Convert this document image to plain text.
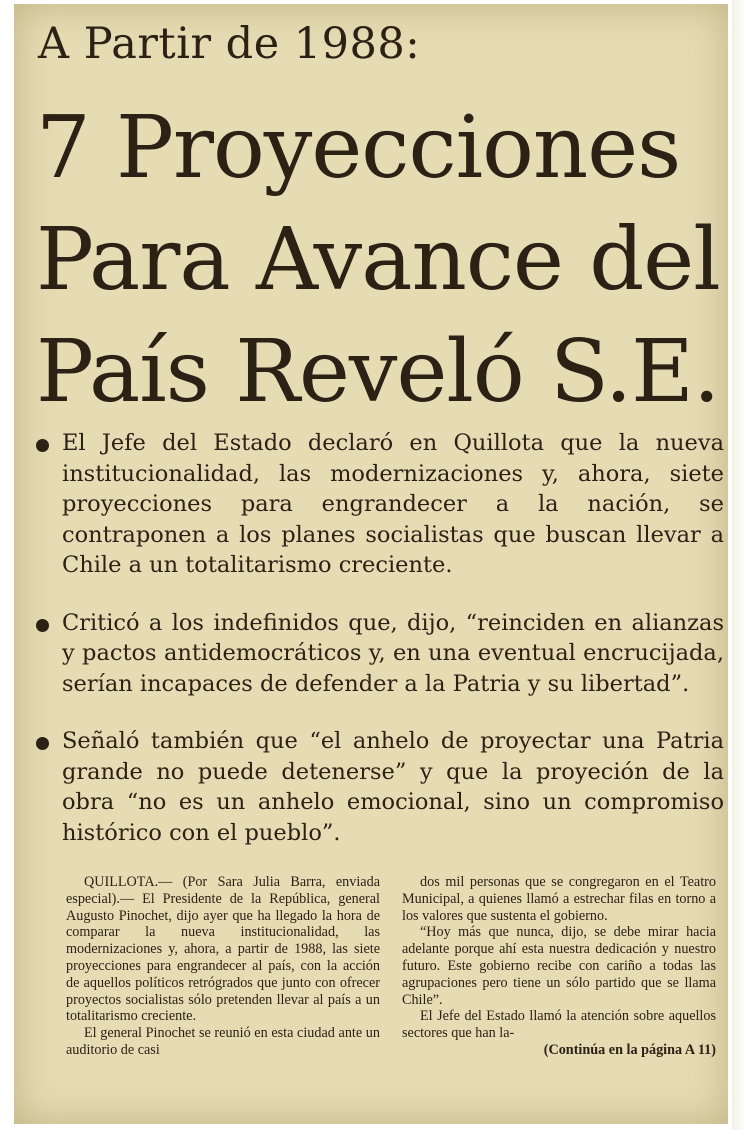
A Partir de 1988:
7 Proyecciones
Para Avance del
País Reveló S.E.
El Jefe del Estado declaró en Quillota que la nueva institucionalidad, las modernizaciones y, ahora, siete proyecciones para engrandecer a la nación, se contraponen a los planes socialistas que buscan llevar a Chile a un totalitarismo creciente.
Criticó a los indefinidos que, dijo, “reinciden en alianzas y pactos antidemocráticos y, en una eventual encrucijada, serían incapaces de defender a la Patria y su libertad”.
Señaló también que “el anhelo de proyectar una Patria grande no puede detenerse” y que la proyeción de la obra “no es un anhelo emocional, sino un compromiso histórico con el pueblo”.

QUILLOTA.— (Por Sara Julia Barra, enviada especial).— El Presidente de la República, general Augusto Pinochet, dijo ayer que ha llegado la hora de comparar la nueva institucionalidad, las modernizaciones y, ahora, a partir de 1988, las siete proyecciones para engrandecer al país, con la acción de aquellos políticos retrógrados que junto con ofrecer proyectos socialistas sólo pretenden llevar al país a un totalitarismo creciente.

El general Pinochet se reunió en esta ciudad ante un auditorio de casi

dos mil personas que se congregaron en el Teatro Municipal, a quienes llamó a estrechar filas en torno a los valores que sustenta el gobierno.

“Hoy más que nunca, dijo, se debe mirar hacia adelante porque ahí esta nuestra dedicación y nuestro futuro. Este gobierno recibe con cariño a todas las agrupaciones pero tiene un sólo partido que se llama Chile”.

El Jefe del Estado llamó la atención sobre aquellos sectores que han la-

(Continúa en la página A 11)
